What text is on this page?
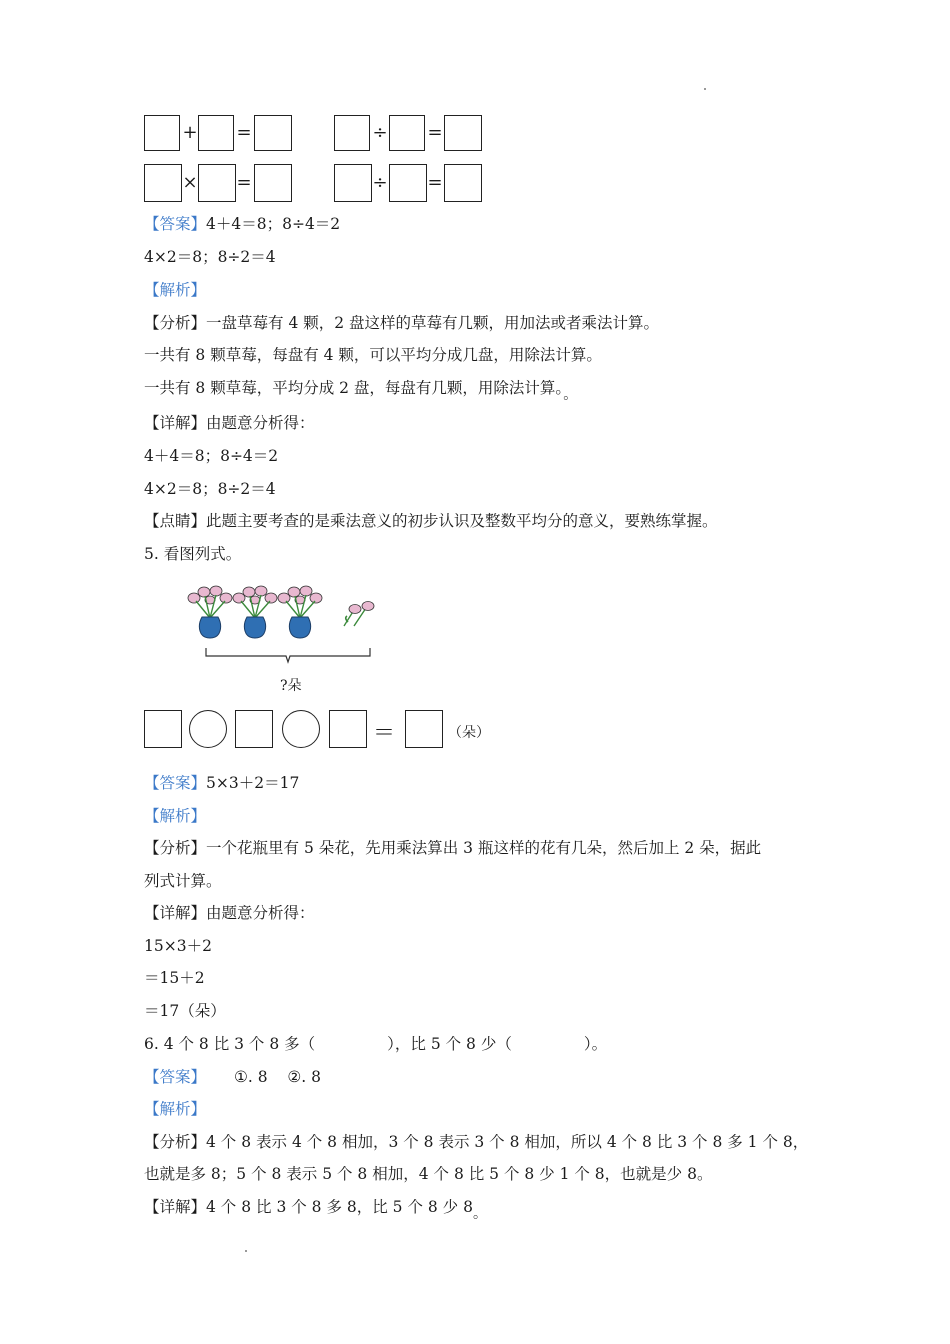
+ =	÷ =
× =	÷ =
【答案】4＋4＝8；8÷4＝2
4×2＝8；8÷2＝4
【解析】
【分析】一盘草莓有 4 颗，2 盘这样的草莓有几颗，用加法或者乘法计算。
一共有 8 颗草莓，每盘有 4 颗，可以平均分成几盘，用除法计算。
一共有 8 颗草莓，平均分成 2 盘，每盘有几颗，用除法计算。。
【详解】由题意分析得：
4＋4＝8；8÷4＝2
4×2＝8；8÷2＝4
【点睛】此题主要考查的是乘法意义的初步认识及整数平均分的意义，要熟练掌握。
5. 看图列式。
?朵
＝	（朵）
【答案】5×3＋2＝17
【解析】
【分析】一个花瓶里有 5 朵花，先用乘法算出 3 瓶这样的花有几朵，然后加上 2 朵，据此
列式计算。
【详解】由题意分析得：
15×3＋2
＝15＋2
＝17（朵）
6. 4 个 8 比 3 个 8 多（	），比 5 个 8 少（	）。
【答案】 ①. 8    ②. 8
【解析】
【分析】4 个 8 表示 4 个 8 相加，3 个 8 表示 3 个 8 相加，所以 4 个 8 比 3 个 8 多 1 个 8，
也就是多 8；5 个 8 表示 5 个 8 相加，4 个 8 比 5 个 8 少 1 个 8，也就是少 8。
【详解】4 个 8 比 3 个 8 多 8，比 5 个 8 少 8。
